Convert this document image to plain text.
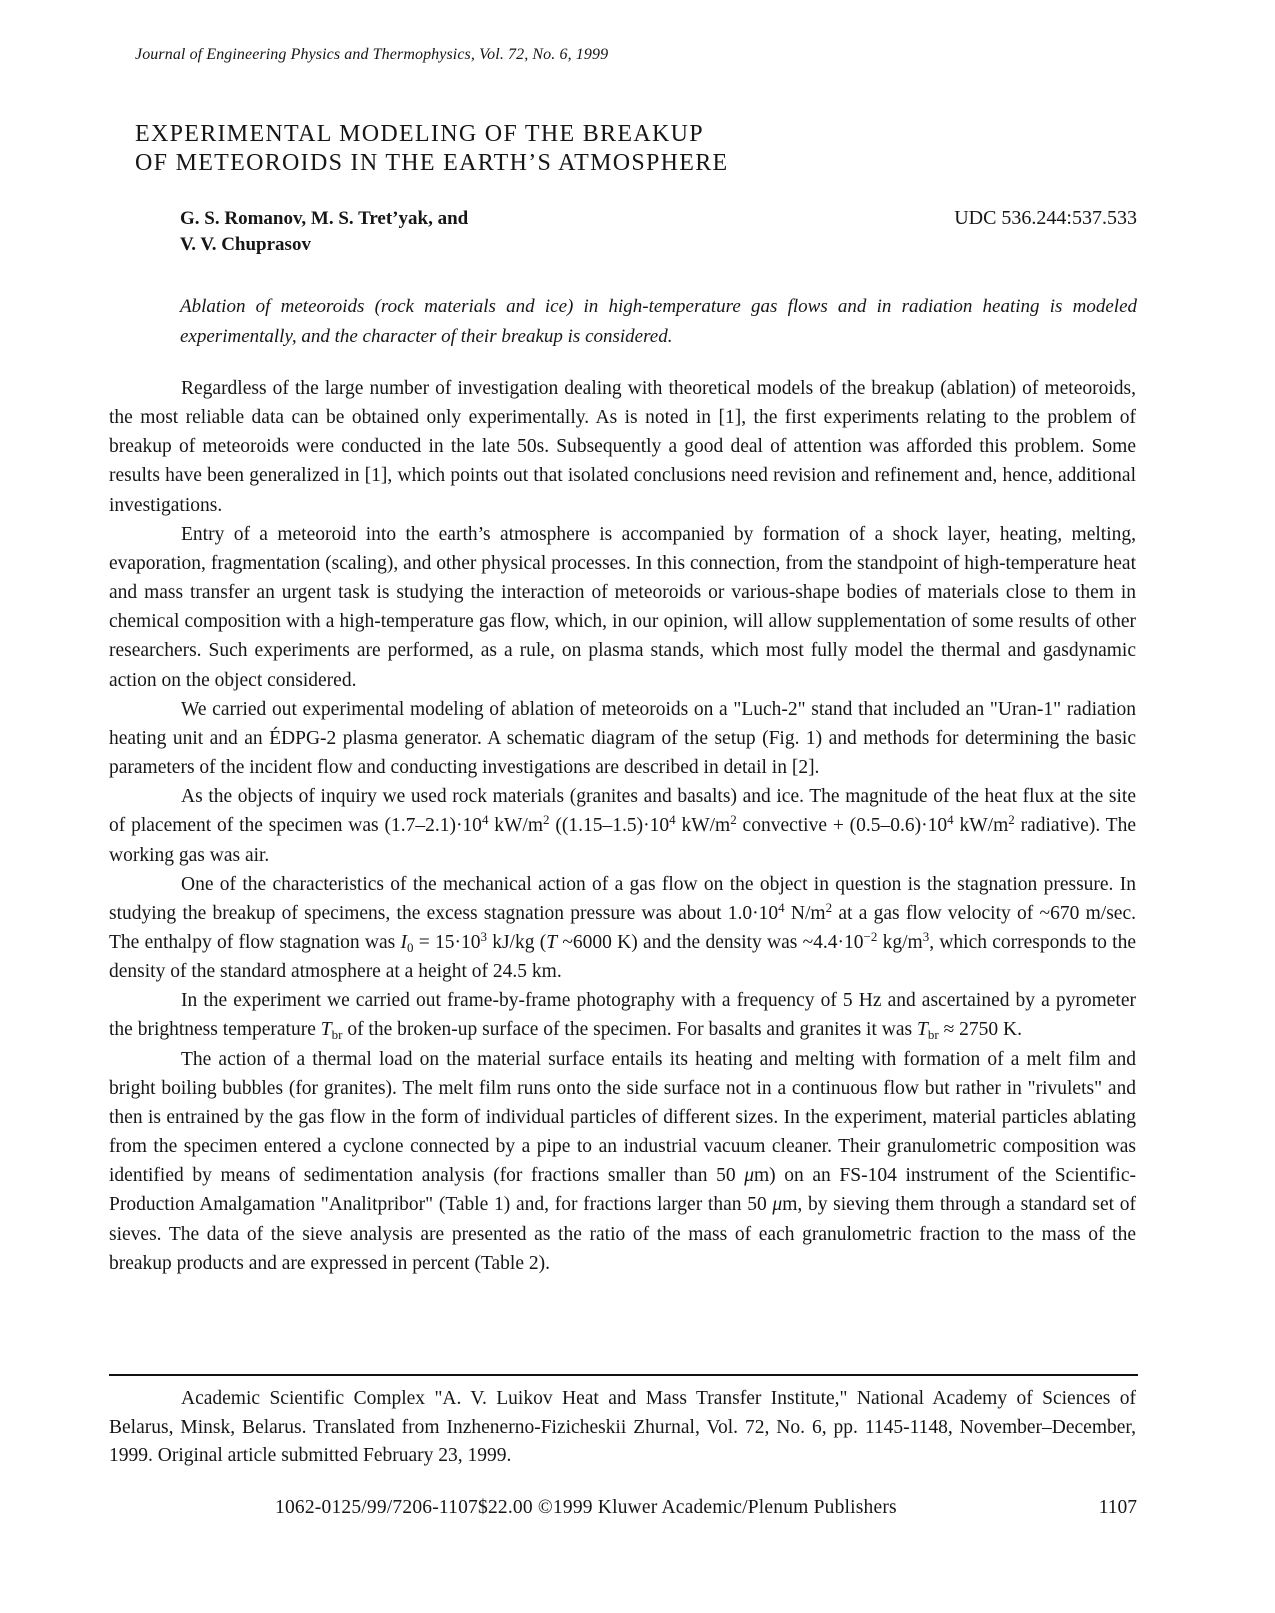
Journal of Engineering Physics and Thermophysics, Vol. 72, No. 6, 1999
EXPERIMENTAL MODELING OF THE BREAKUP
OF METEOROIDS IN THE EARTH’S ATMOSPHERE
G. S. Romanov, M. S. Tret’yak, and
V. V. Chuprasov
UDC 536.244:537.533

Ablation of meteoroids (rock materials and ice) in high-temperature gas flows and in radiation heating is modeled experimentally, and the character of their breakup is considered.

Regardless of the large number of investigation dealing with theoretical models of the breakup (ablation) of meteoroids, the most reliable data can be obtained only experimentally. As is noted in [1], the first experiments relating to the problem of breakup of meteoroids were conducted in the late 50s. Subsequently a good deal of attention was afforded this problem. Some results have been generalized in [1], which points out that isolated conclusions need revision and refinement and, hence, additional investigations.

Entry of a meteoroid into the earth’s atmosphere is accompanied by formation of a shock layer, heating, melting, evaporation, fragmentation (scaling), and other physical processes. In this connection, from the standpoint of high-temperature heat and mass transfer an urgent task is studying the interaction of meteoroids or various-shape bodies of materials close to them in chemical composition with a high-temperature gas flow, which, in our opinion, will allow supplementation of some results of other researchers. Such experiments are performed, as a rule, on plasma stands, which most fully model the thermal and gasdynamic action on the object considered.

We carried out experimental modeling of ablation of meteoroids on a "Luch-2" stand that included an "Uran-1" radiation heating unit and an ÉDPG-2 plasma generator. A schematic diagram of the setup (Fig. 1) and methods for determining the basic parameters of the incident flow and conducting investigations are described in detail in [2].

As the objects of inquiry we used rock materials (granites and basalts) and ice. The magnitude of the heat flux at the site of placement of the specimen was $(1.7-2.1)\cdot 10^4$ $kW/m^2$ ($(1.15-1.5)\cdot 10^4$ $kW/m^2$ convective + $(0.5-0.6)\cdot 10^4$ $kW/m^2$ radiative). The working gas was air.

One of the characteristics of the mechanical action of a gas flow on the object in question is the stagnation pressure. In studying the breakup of specimens, the excess stagnation pressure was about $1.0\cdot 10^4$ $N/m^2$ at a gas flow velocity of ~670 m/sec. The enthalpy of flow stagnation was $I_0 = 15\cdot 10^3$ kJ/kg (T ~6000 K) and the density was $\sim 4.4\cdot 10^{-2}$ $kg/m^3$, which corresponds to the density of the standard atmosphere at a height of 24.5 km.

In the experiment we carried out frame-by-frame photography with a frequency of 5 Hz and ascertained by a pyrometer the brightness temperature $T_{br}$ of the broken-up surface of the specimen. For basalts and granites it was $T_{br} \approx 2750$ K.

The action of a thermal load on the material surface entails its heating and melting with formation of a melt film and bright boiling bubbles (for granites). The melt film runs onto the side surface not in a continuous flow but rather in "rivulets" and then is entrained by the gas flow in the form of individual particles of different sizes. In the experiment, material particles ablating from the specimen entered a cyclone connected by a pipe to an industrial vacuum cleaner. Their granulometric composition was identified by means of sedimentation analysis (for fractions smaller than 50 μm) on an FS-104 instrument of the Scientific-Production Amalgamation "Analitpribor" (Table 1) and, for fractions larger than 50 μm, by sieving them through a standard set of sieves. The data of the sieve analysis are presented as the ratio of the mass of each granulometric fraction to the mass of the breakup products and are expressed in percent (Table 2).

Academic Scientific Complex "A. V. Luikov Heat and Mass Transfer Institute," National Academy of Sciences of Belarus, Minsk, Belarus. Translated from Inzhenerno-Fizicheskii Zhurnal, Vol. 72, No. 6, pp. 1145-1148, November–December, 1999. Original article submitted February 23, 1999.

1062-0125/99/7206-1107$22.00 ©1999 Kluwer Academic/Plenum Publishers	1107
